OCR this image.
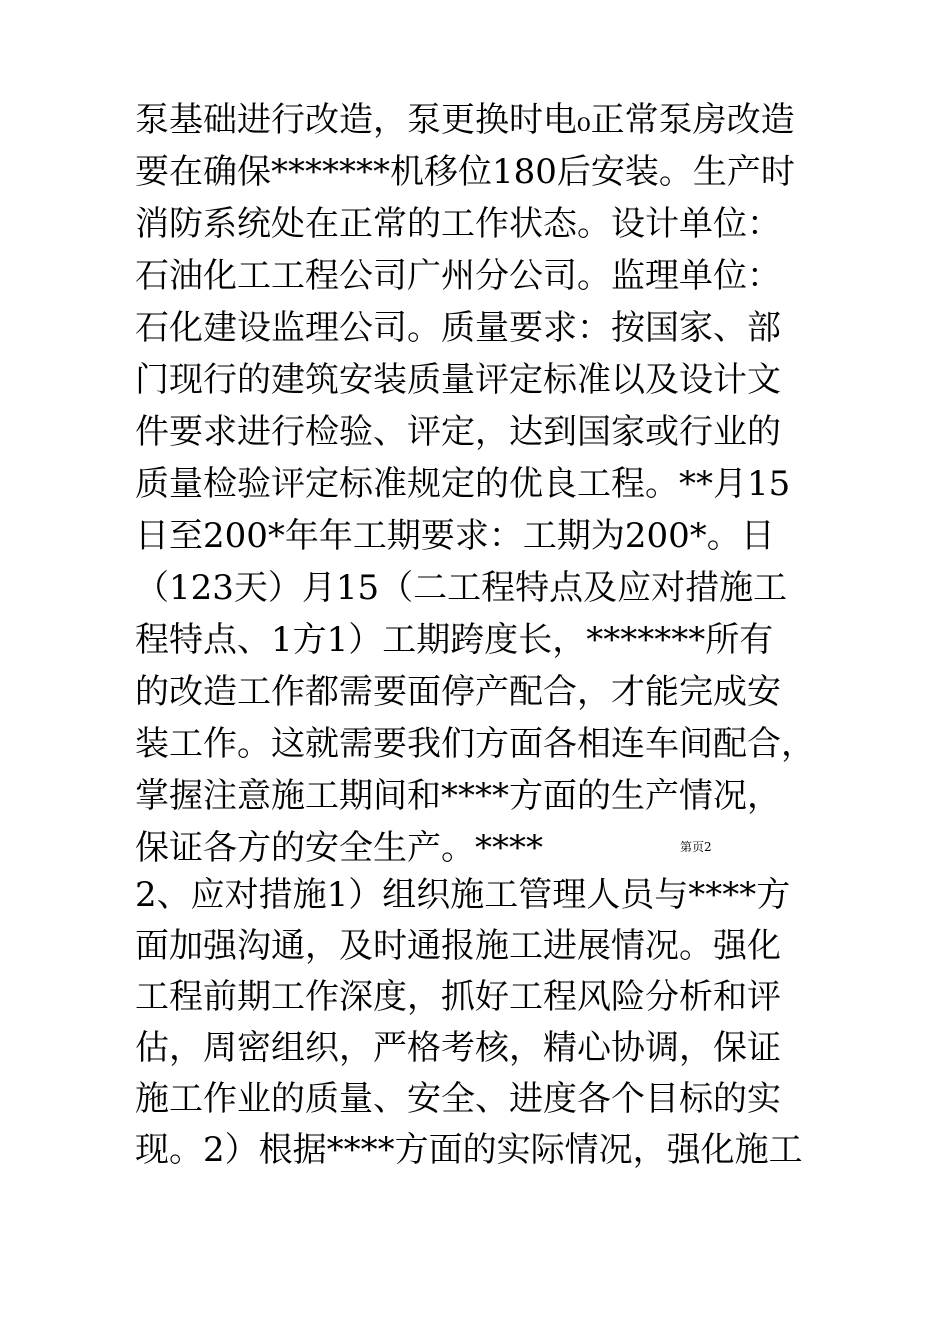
泵基础进行改造，泵更换时电₀正常泵房改造
要在确保*******机移位180后安装。生产时
消防系统处在正常的工作状态。设计单位：
石油化工工程公司广州分公司。监理单位：
石化建设监理公司。质量要求：按国家、部
门现行的建筑安装质量评定标准以及设计文
件要求进行检验、评定，达到国家或行业的
质量检验评定标准规定的优良工程。**月15
日至200*年年工期要求：工期为200*。日
（123天）月15（二工程特点及应对措施工
程特点、1方1）工期跨度长，*******所有
的改造工作都需要面停产配合，才能完成安
装工作。这就需要我们方面各相连车间配合，
掌握注意施工期间和****方面的生产情况，
保证各方的安全生产。****	第页2
2、应对措施1）组织施工管理人员与****方
面加强沟通，及时通报施工进展情况。强化
工程前期工作深度，抓好工程风险分析和评
估，周密组织，严格考核，精心协调，保证
施工作业的质量、安全、进度各个目标的实
现。2）根据****方面的实际情况，强化施工
